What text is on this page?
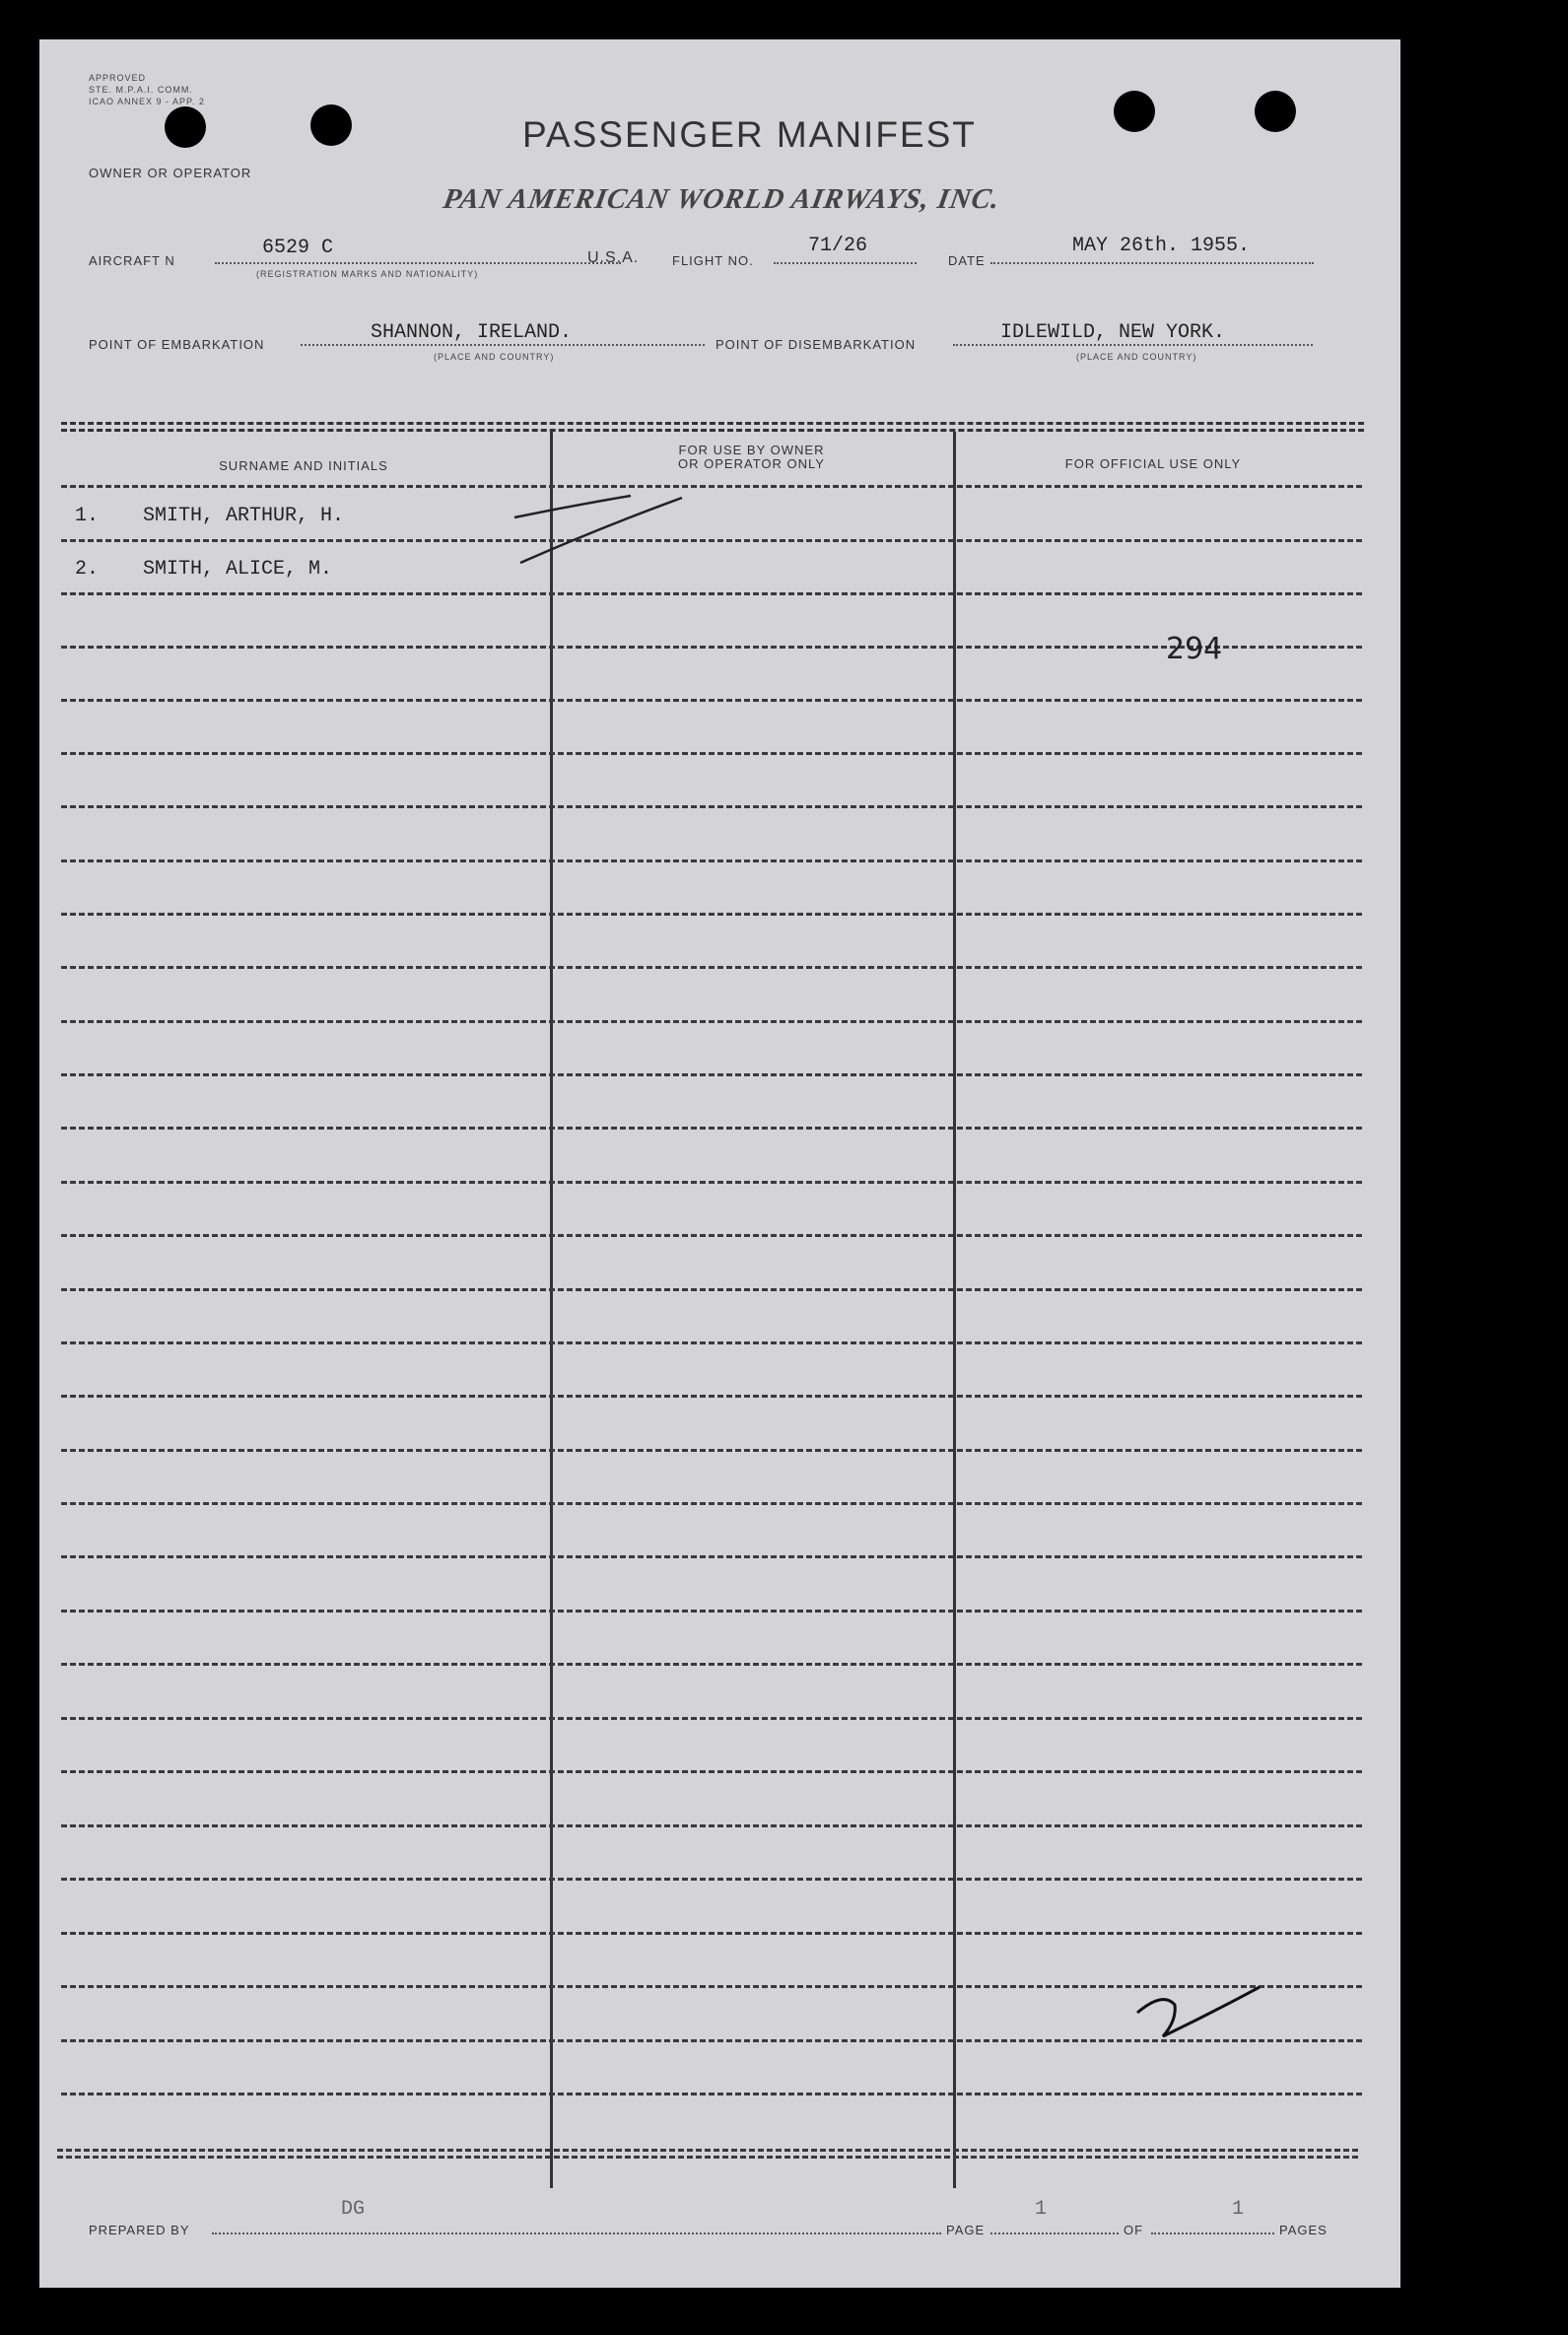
APPROVED
STE. M.P.A.I. COMM.
ICAO ANNEX 9 - APP. 2
PASSENGER MANIFEST
OWNER OR OPERATOR
PAN AMERICAN WORLD AIRWAYS, INC.
AIRCRAFT N
6529 C
(REGISTRATION MARKS AND NATIONALITY)
U.S.A.	FLIGHT NO.
71/26
DATE
MAY 26th. 1955.
POINT OF EMBARKATION
SHANNON, IRELAND.
(PLACE AND COUNTRY)
POINT OF DISEMBARKATION
IDLEWILD, NEW YORK.
(PLACE AND COUNTRY)
SURNAME AND INITIALS
FOR USE BY OWNER
OR OPERATOR ONLY	FOR OFFICIAL USE ONLY
1. SMITH, ARTHUR, H.
2. SMITH, ALICE, M.
294
PREPARED BY
DG
PAGE
1
OF
1
PAGES
